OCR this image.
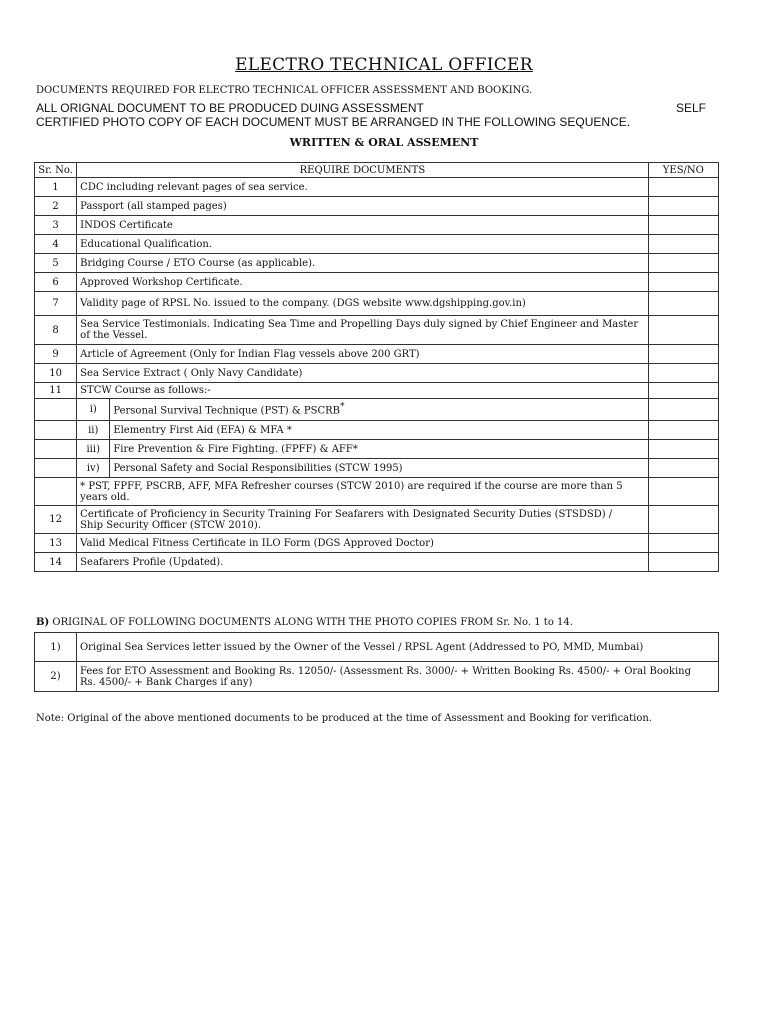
ELECTRO TECHNICAL OFFICER
DOCUMENTS REQUIRED FOR ELECTRO TECHNICAL OFFICER ASSESSMENT AND BOOKING.
ALL ORIGNAL DOCUMENT TO BE PRODUCED DUING ASSESSMENT	SELF
CERTIFIED PHOTO COPY OF EACH DOCUMENT MUST BE ARRANGED IN THE FOLLOWING SEQUENCE.
WRITTEN & ORAL ASSEMENT
Sr. No.	REQUIRE DOCUMENTS		YES/NO
1	CDC including relevant pages of sea service.		
2	Passport (all stamped pages)		
3	INDOS Certificate		
4	Educational Qualification.		
5	Bridging Course / ETO Course (as applicable).		
6	Approved Workshop Certificate.		
7	Validity page of RPSL No. issued to the company. (DGS website www.dgshipping.gov.in)		
8	Sea Service Testimonials. Indicating Sea Time and Propelling Days duly signed by Chief Engineer and Master of the Vessel.		
9	Article of Agreement (Only for Indian Flag vessels above 200 GRT)		
10	Sea Service Extract ( Only Navy Candidate)		
11	STCW Course as follows:-		
	i)	Personal Survival Technique (PST) & PSCRB*	
	ii)	Elementry First Aid (EFA) & MFA *	
	iii)	Fire Prevention & Fire Fighting. (FPFF) & AFF*	
	iv)	Personal Safety and Social Responsibilities (STCW 1995)	
	* PST, FPFF, PSCRB, AFF, MFA Refresher courses (STCW 2010) are required if the course are more than 5 years old.		
12	Certificate of Proficiency in Security Training For Seafarers with Designated Security Duties (STSDSD) /
Ship Security Officer (STCW 2010).		

13	Valid Medical Fitness Certificate in ILO Form (DGS Approved Doctor)		
14	Seafarers Profile (Updated).		
B) ORIGINAL OF FOLLOWING DOCUMENTS ALONG WITH THE PHOTO COPIES FROM Sr. No. 1 to 14.
1)	Original Sea Services letter issued by the Owner of the Vessel / RPSL Agent (Addressed to PO, MMD, Mumbai)
2)	Fees for ETO Assessment and Booking Rs. 12050/- (Assessment Rs. 3000/- + Written Booking Rs. 4500/- + Oral Booking
Rs. 4500/- + Bank Charges if any)
Note: Original of the above mentioned documents to be produced at the time of Assessment and Booking for verification.
